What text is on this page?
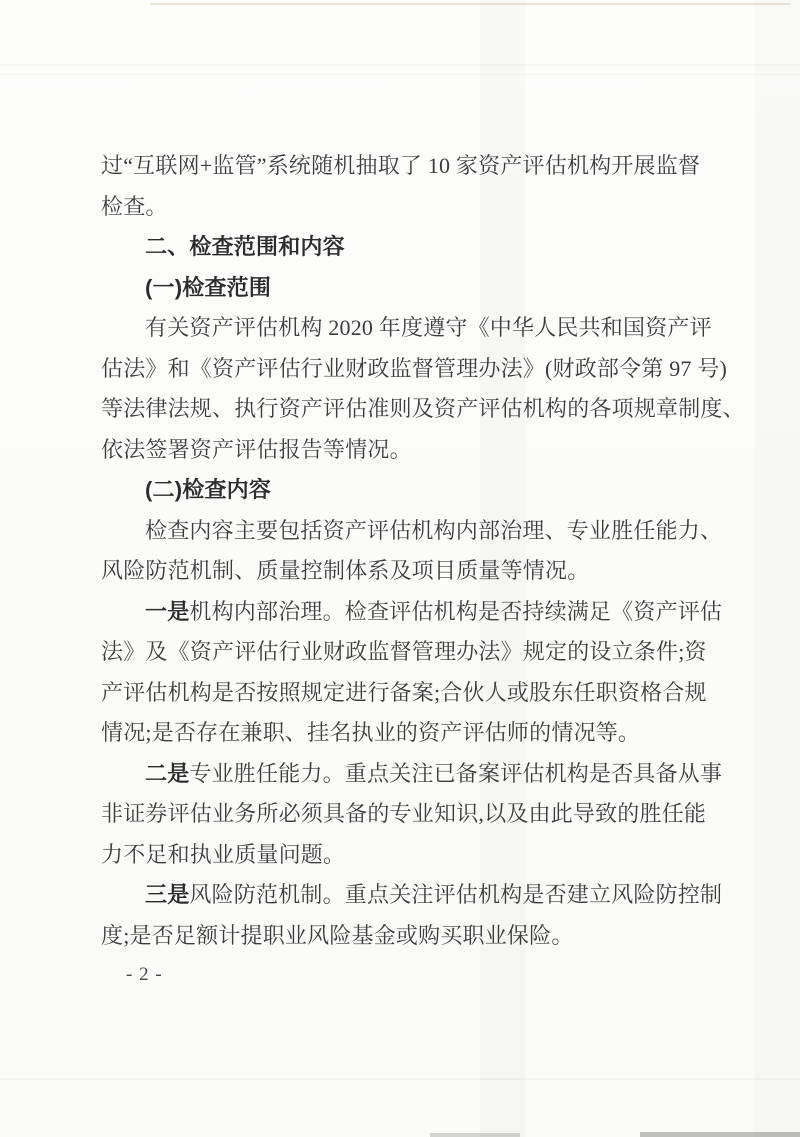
过“互联网+监管”系统随机抽取了 10 家资产评估机构开展监督

检查。

二、检查范围和内容

(一)检查范围

有关资产评估机构 2020 年度遵守《中华人民共和国资产评

估法》和《资产评估行业财政监督管理办法》(财政部令第 97 号)

等法律法规、执行资产评估准则及资产评估机构的各项规章制度、

依法签署资产评估报告等情况。

(二)检查内容

检查内容主要包括资产评估机构内部治理、专业胜任能力、

风险防范机制、质量控制体系及项目质量等情况。

一是机构内部治理。检查评估机构是否持续满足《资产评估

法》及《资产评估行业财政监督管理办法》规定的设立条件;资

产评估机构是否按照规定进行备案;合伙人或股东任职资格合规

情况;是否存在兼职、挂名执业的资产评估师的情况等。

二是专业胜任能力。重点关注已备案评估机构是否具备从事

非证券评估业务所必须具备的专业知识,以及由此导致的胜任能

力不足和执业质量问题。

三是风险防范机制。重点关注评估机构是否建立风险防控制

度;是否足额计提职业风险基金或购买职业保险。

- 2 -
